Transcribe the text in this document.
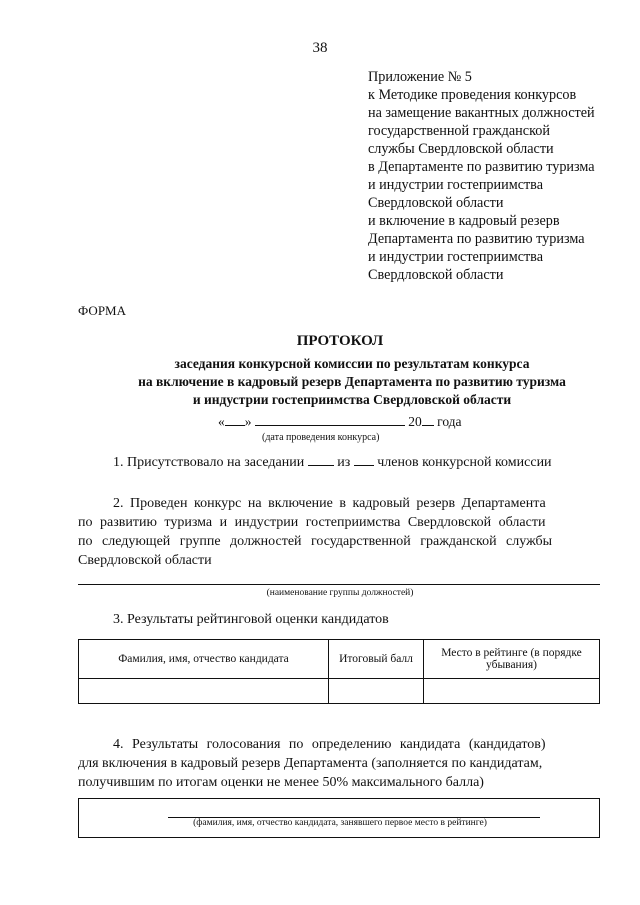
38
Приложение № 5
к Методике проведения конкурсов
на замещение вакантных должностей
государственной гражданской
службы Свердловской области
в Департаменте по развитию туризма
и индустрии гостеприимства
Свердловской области
и включение в кадровый резерв
Департамента по развитию туризма
и индустрии гостеприимства
Свердловской области
ФОРМА
ПРОТОКОЛ
заседания конкурсной комиссии по результатам конкурса
на включение в кадровый резерв Департамента по развитию туризма
и индустрии гостеприимства Свердловской области
« »	20 года
(дата проведения конкурса)
1. Присутствовало на заседании из членов конкурсной комиссии
2. Проведен конкурс на включение в кадровый резерв Департамента
по развитию туризма и индустрии гостеприимства Свердловской области
по следующей группе должностей государственной гражданской службы
Свердловской области
(наименование группы должностей)
3. Результаты рейтинговой оценки кандидатов
Фамилия, имя, отчество кандидата	Итоговый балл	Место в рейтинге (в порядке убывания)

4. Результаты голосования по определению кандидата (кандидатов)
для включения в кадровый резерв Департамента (заполняется по кандидатам,
получившим по итогам оценки не менее 50% максимального балла)
(фамилия, имя, отчество кандидата, занявшего первое место в рейтинге)
